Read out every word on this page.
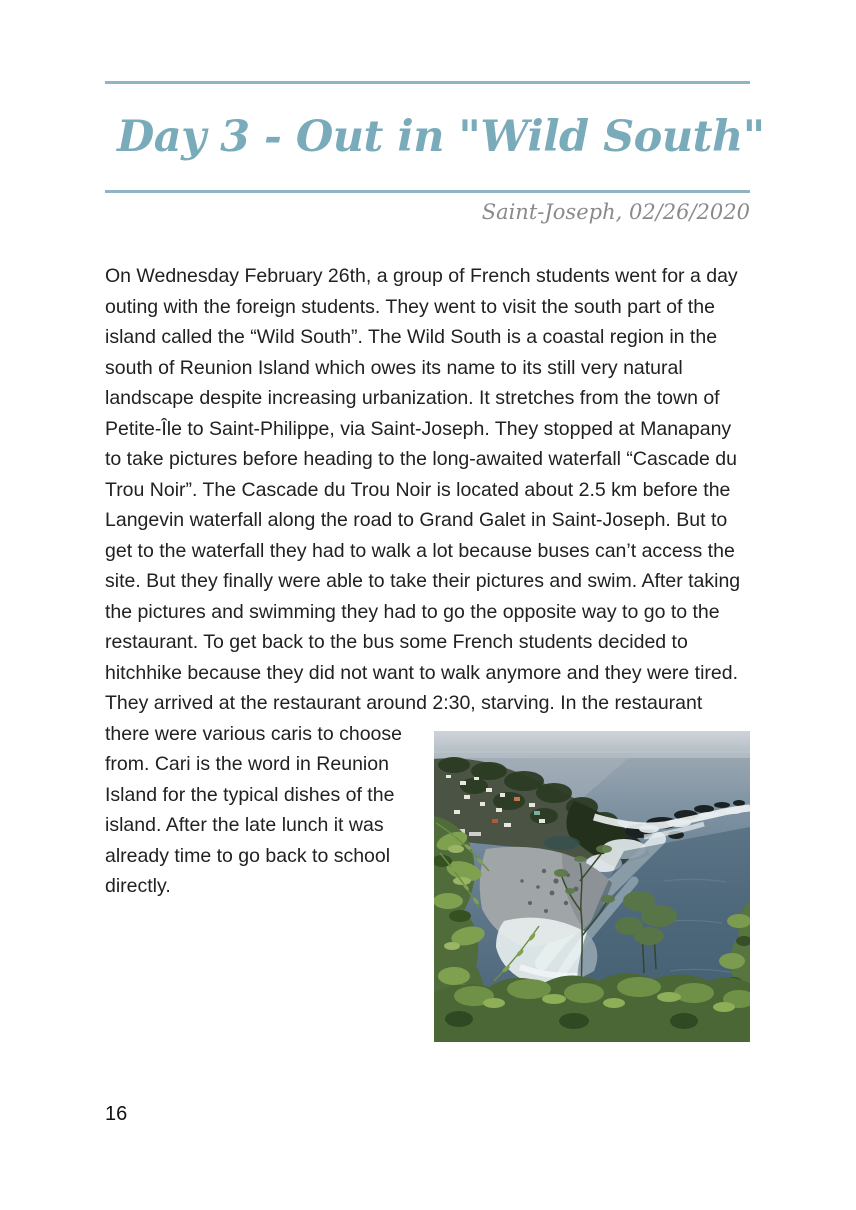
Day 3 - Out in "Wild South"
Saint-Joseph, 02/26/2020

On Wednesday February 26th, a group of French students went for a day outing with the foreign students. They went to visit the south part of the island called the “Wild South”. The Wild South is a coastal region in the south of Reunion Island which owes its name to its still very natural landscape despite increasing urbanization. It stretches from the town of Petite-Île to Saint-Philippe, via Saint-Joseph. They stopped at Manapany to take pictures before heading to the long-awaited waterfall “Cascade du Trou Noir”. The Cascade du Trou Noir is located about 2.5 km before the Langevin waterfall along the road to Grand Galet in Saint-Joseph. But to get to the waterfall they had to walk a lot because buses can’t access the site. But they finally were able to take their pictures and swim. After taking the pictures and swimming they had to go the opposite way to go to the restaurant. To get back to the bus some French students decided to hitchhike because they did not want to walk anymore and they were tired. They arrived at the restaurant around 2:30, starving. In the
restaurant there were various caris to choose from. Cari is the word in Reunion Island for the typical dishes of the island. After the late lunch it was already time to go back to school directly.

16
